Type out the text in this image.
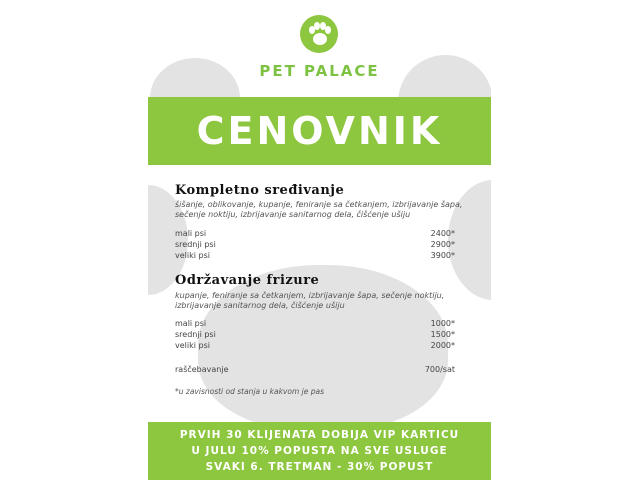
PET PALACE
CENOVNIK
Kompletno sređivanje
šišanje, oblikovanje, kupanje, feniranje sa četkanjem, izbrijavanje šapa, sečenje noktiju, izbrijavanje sanitarnog dela, čišćenje ušiju
mali psi	2400*
srednji psi	2900*
veliki psi	3900*
Održavanje frizure
kupanje, feniranje sa četkanjem, izbrijavanje šapa, sečenje noktiju, izbrijavanje sanitarnog dela, čišćenje ušiju
mali psi	1000*
srednji psi	1500*
veliki psi	2000*
raščebavanje	700/sat
*u zavisnosti od stanja u kakvom je pas
PRVIH 30 KLIJENATA DOBIJA VIP KARTICU
U JULU 10% POPUSTA NA SVE USLUGE
SVAKI 6. TRETMAN - 30% POPUST
